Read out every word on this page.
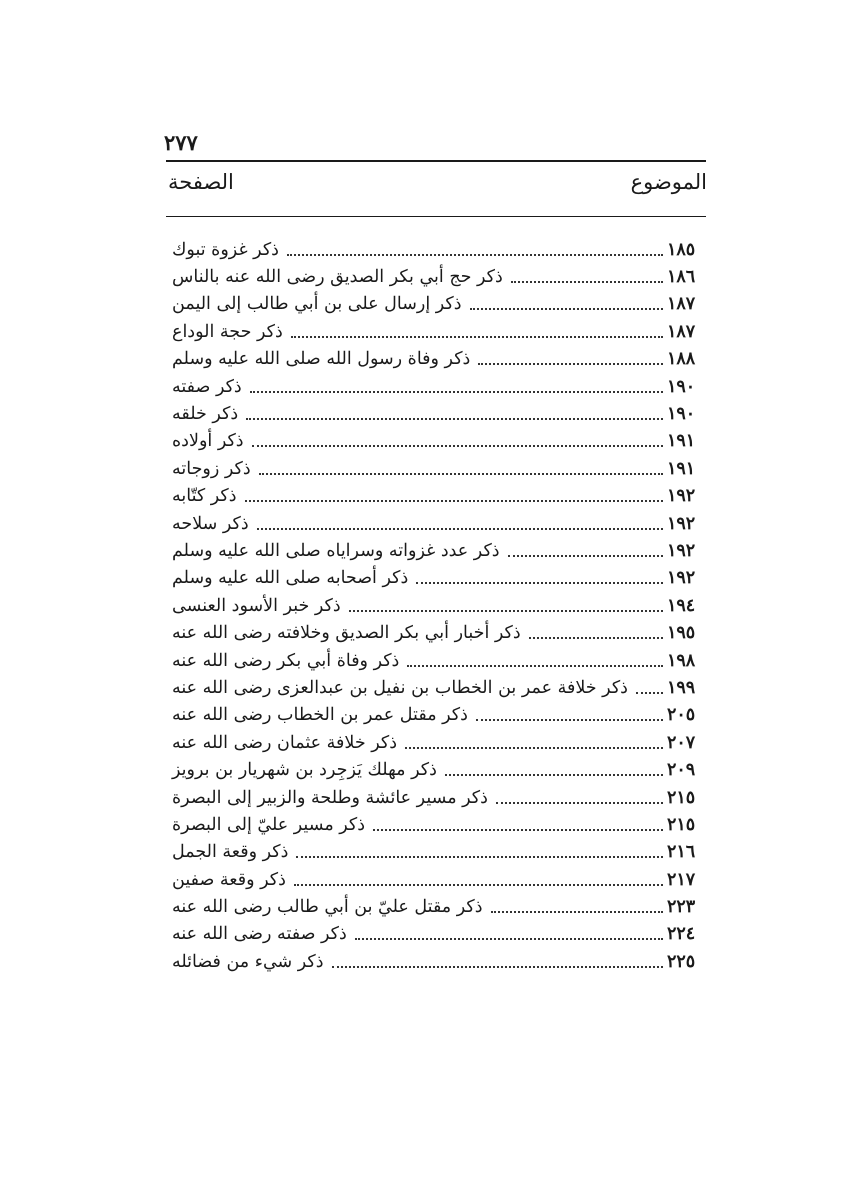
٢٧٧
الموضوع
الصفحة
ذكر غزوة تبوك	١٨٥
ذكر حج أبي بكر الصديق رضى الله عنه بالناس	١٨٦
ذكر إرسال على بن أبي طالب إلى اليمن	١٨٧
ذكر حجة الوداع	١٨٧
ذكر وفاة رسول الله صلى الله عليه وسلم	١٨٨
ذكر صفته	١٩٠
ذكر خلقه	١٩٠
ذكر أولاده	١٩١
ذكر زوجاته	١٩١
ذكر كتّابه	١٩٢
ذكر سلاحه	١٩٢
ذكر عدد غزواته وسراياه صلى الله عليه وسلم	١٩٢
ذكر أصحابه صلى الله عليه وسلم	١٩٢
ذكر خبر الأسود العنسى	١٩٤
ذكر أخبار أبي بكر الصديق وخلافته رضى الله عنه	١٩٥
ذكر وفاة أبي بكر رضى الله عنه	١٩٨
ذكر خلافة عمر بن الخطاب بن نفيل بن عبدالعزى رضى الله عنه ١٩٩
ذكر مقتل عمر بن الخطاب رضى الله عنه	٢٠٥
ذكر خلافة عثمان رضى الله عنه	٢٠٧
ذكر مهلك يَزجِرد بن شهريار بن برويز	٢٠٩
ذكر مسير عائشة وطلحة والزبير إلى البصرة	٢١٥
ذكر مسير عليّ إلى البصرة	٢١٥
ذكر وقعة الجمل	٢١٦
ذكر وقعة صفين	٢١٧
ذكر مقتل عليّ بن أبي طالب رضى الله عنه	٢٢٣
ذكر صفته رضى الله عنه	٢٢٤
ذكر شيء من فضائله	٢٢٥
